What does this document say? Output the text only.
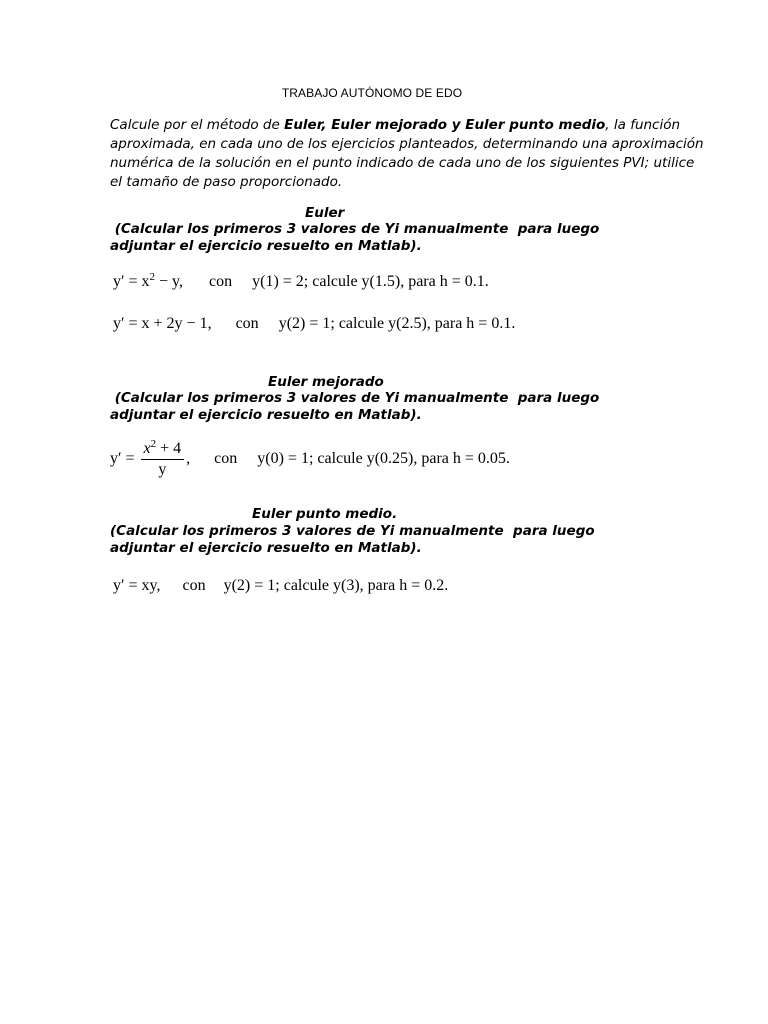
TRABAJO AUTÓNOMO DE EDO

Calcule por el método de Euler, Euler mejorado y Euler punto medio, la función aproximada, en cada uno de los ejercicios planteados, determinando una aproximación numérica de la solución en el punto indicado de cada uno de los siguientes PVI; utilice el tamaño de paso proporcionado.

Euler
(Calcular los primeros 3 valores de Yi manualmente  para luego
adjuntar el ejercicio resuelto en Matlab).
$y' = x^2 - y$, con y(1) = 2; calcule y(1.5), para h = 0.1.
y′ = x + 2y − 1, con y(2) = 1; calcule y(2.5), para h = 0.1.
Euler mejorado
(Calcular los primeros 3 valores de Yi manualmente  para luego
adjuntar el ejercicio resuelto en Matlab).
$y' = \frac{x^2 + 4}{y}$ , con y(0) = 1; calcule y(0.25), para h = 0.05.
Euler punto medio.
(Calcular los primeros 3 valores de Yi manualmente  para luego
adjuntar el ejercicio resuelto en Matlab).
y′ = xy, con y(2) = 1; calcule y(3), para h = 0.2.
